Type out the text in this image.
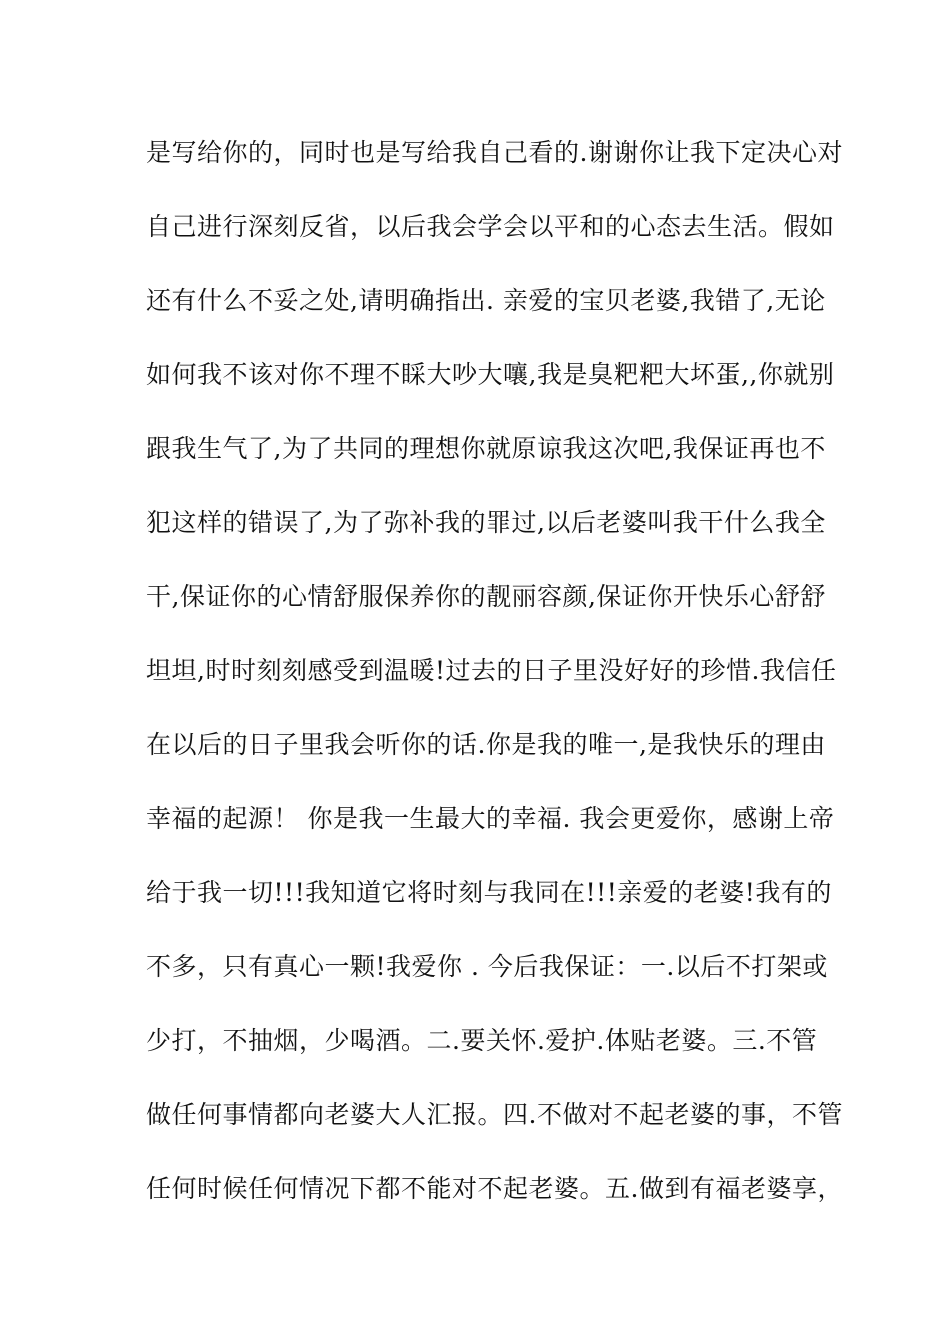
是写给你的，同时也是写给我自己看的.谢谢你让我下定决心对
自己进行深刻反省，以后我会学会以平和的心态去生活。假如
还有什么不妥之处,请明确指出. 亲爱的宝贝老婆,我错了,无论
如何我不该对你不理不睬大吵大嚷,我是臭粑粑大坏蛋,,你就别
跟我生气了,为了共同的理想你就原谅我这次吧,我保证再也不
犯这样的错误了,为了弥补我的罪过,以后老婆叫我干什么我全
干,保证你的心情舒服保养你的靓丽容颜,保证你开快乐心舒舒
坦坦,时时刻刻感受到温暖!过去的日子里没好好的珍惜.我信任
在以后的日子里我会听你的话.你是我的唯一,是我快乐的理由
幸福的起源！ 你是我一生最大的幸福. 我会更爱你，感谢上帝
给于我一切!!!我知道它将时刻与我同在!!!亲爱的老婆!我有的
不多，只有真心一颗!我爱你 . 今后我保证：一.以后不打架或
少打，不抽烟，少喝酒。二.要关怀.爱护.体贴老婆。三.不管
做任何事情都向老婆大人汇报。四.不做对不起老婆的事，不管
任何时候任何情况下都不能对不起老婆。五.做到有福老婆享，
